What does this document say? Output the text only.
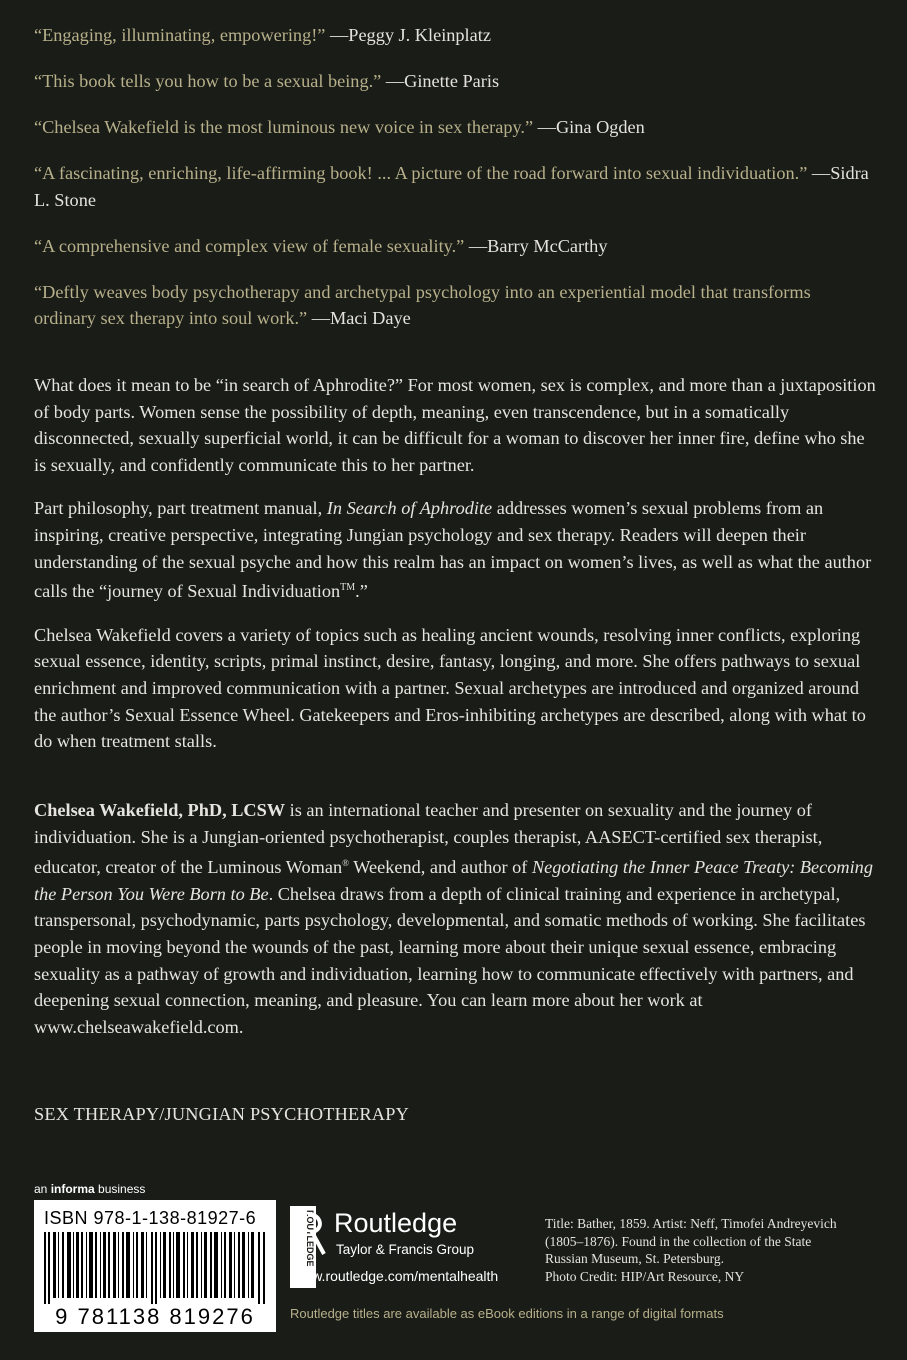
“Engaging, illuminating, empowering!” —Peggy J. Kleinplatz

“This book tells you how to be a sexual being.” —Ginette Paris

“Chelsea Wakefield is the most luminous new voice in sex therapy.” —Gina Ogden

“A fascinating, enriching, life-affirming book! ... A picture of the road forward into sexual individuation.” —Sidra L. Stone

“A comprehensive and complex view of female sexuality.” —Barry McCarthy

“Deftly weaves body psychotherapy and archetypal psychology into an experiential model that transforms ordinary sex therapy into soul work.” —Maci Daye

What does it mean to be “in search of Aphrodite?” For most women, sex is complex, and more than a juxtaposition of body parts. Women sense the possibility of depth, meaning, even transcendence, but in a somatically disconnected, sexually superficial world, it can be difficult for a woman to discover her inner fire, define who she is sexually, and confidently communicate this to her partner.

Part philosophy, part treatment manual, In Search of Aphrodite addresses women’s sexual problems from an inspiring, creative perspective, integrating Jungian psychology and sex therapy. Readers will deepen their understanding of the sexual psyche and how this realm has an impact on women’s lives, as well as what the author calls the “journey of Sexual Individuation™.”

Chelsea Wakefield covers a variety of topics such as healing ancient wounds, resolving inner conflicts, exploring sexual essence, identity, scripts, primal instinct, desire, fantasy, longing, and more. She offers pathways to sexual enrichment and improved communication with a partner. Sexual archetypes are introduced and organized around the author’s Sexual Essence Wheel. Gatekeepers and Eros-inhibiting archetypes are described, along with what to do when treatment stalls.

Chelsea Wakefield, PhD, LCSW is an international teacher and presenter on sexuality and the journey of individuation. She is a Jungian-oriented psychotherapist, couples therapist, AASECT-certified sex therapist, educator, creator of the Luminous Woman® Weekend, and author of Negotiating the Inner Peace Treaty: Becoming the Person You Were Born to Be. Chelsea draws from a depth of clinical training and experience in archetypal, transpersonal, psychodynamic, parts psychology, developmental, and somatic methods of working. She facilitates people in moving beyond the wounds of the past, learning more about their unique sexual essence, embracing sexuality as a pathway of growth and individuation, learning how to communicate effectively with partners, and deepening sexual connection, meaning, and pleasure. You can learn more about her work at www.chelseawakefield.com.

SEX THERAPY/JUNGIAN PSYCHOTHERAPY

an informa business
ISBN 978-1-138-81927-6
9 781138 819276
ROUTLEDGE Routledge
Taylor & Francis Group
www.routledge.com/mentalhealth
Routledge titles are available as eBook editions in a range of digital formats
Title: Bather, 1859. Artist: Neff, Timofei Andreyevich
(1805–1876). Found in the collection of the State
Russian Museum, St. Petersburg.
Photo Credit: HIP/Art Resource, NY
